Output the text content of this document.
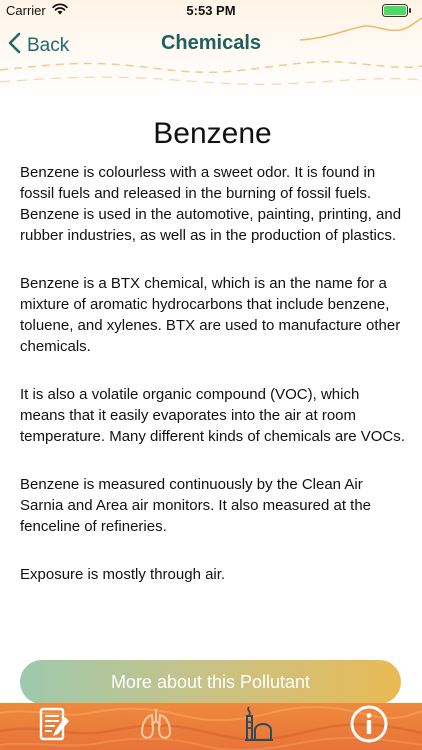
Carrier	5:53 PM
Back	Chemicals
Benzene

Benzene is colourless with a sweet odor. It is found in fossil fuels and released in the burning of fossil fuels. Benzene is used in the automotive, painting, printing, and rubber industries, as well as in the production of plastics.

Benzene is a BTX chemical, which is an the name for a mixture of aromatic hydrocarbons that include benzene, toluene, and xylenes. BTX are used to manufacture other chemicals.

It is also a volatile organic compound (VOC), which means that it easily evaporates into the air at room temperature. Many different kinds of chemicals are VOCs.

Benzene is measured continuously by the Clean Air Sarnia and Area air monitors. It also measured at the fenceline of refineries.

Exposure is mostly through air.

More about this Pollutant
